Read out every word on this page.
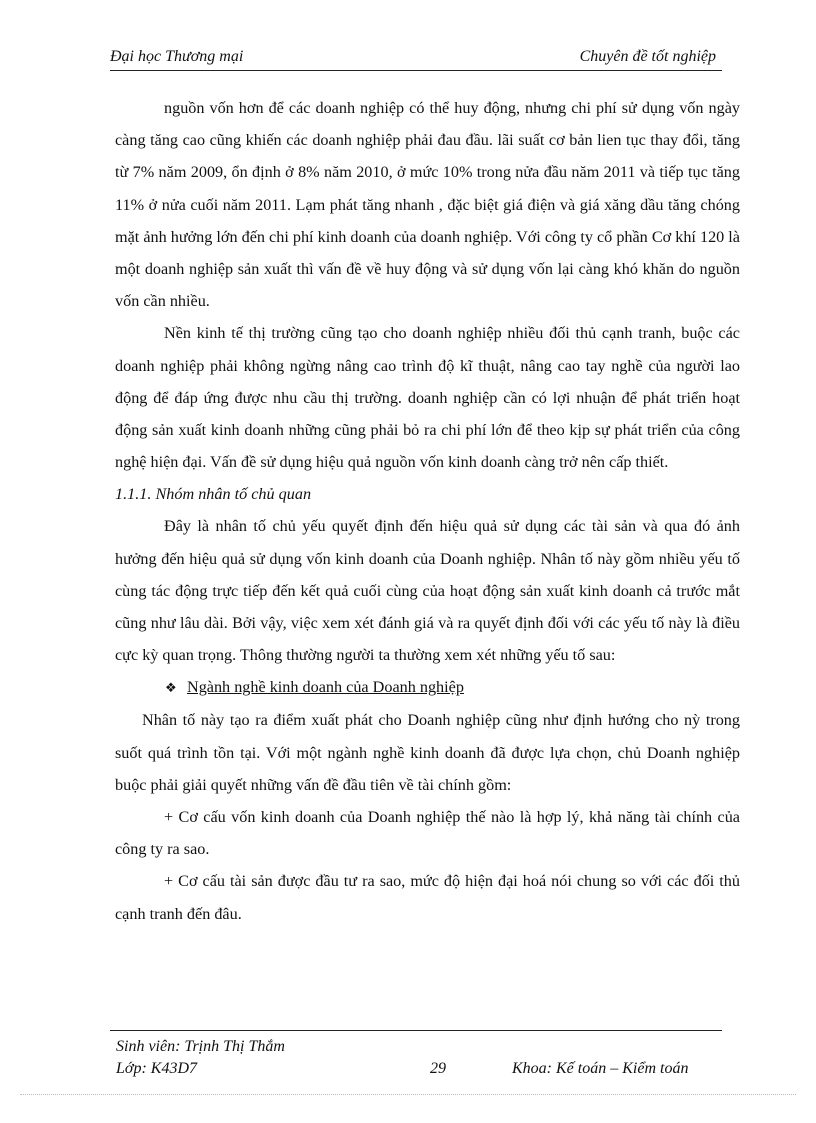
Đại học Thương mại	Chuyên đề tốt nghiệp

nguồn vốn hơn để các doanh nghiệp có thể huy động, nhưng chi phí sử dụng vốn ngày càng tăng cao cũng khiến các doanh nghiệp phải đau đầu. lãi suất cơ bản lien tục thay đổi, tăng từ 7% năm 2009, ổn định ở 8% năm 2010, ở mức 10% trong nửa đầu năm 2011 và tiếp tục tăng 11% ở nửa cuối năm 2011. Lạm phát tăng nhanh , đặc biệt giá điện và giá xăng dầu tăng chóng mặt ảnh hưởng lớn đến chi phí kinh doanh của doanh nghiệp. Với công ty cổ phần Cơ khí 120 là một doanh nghiệp sản xuất thì vấn đề về huy động và sử dụng vốn lại càng khó khăn do nguồn vốn cần nhiều.

Nền kinh tế thị trường cũng tạo cho doanh nghiệp nhiều đối thủ cạnh tranh, buộc các doanh nghiệp phải không ngừng nâng cao trình độ kĩ thuật, nâng cao tay nghề của người lao động để đáp ứng được nhu cầu thị trường. doanh nghiệp cần có lợi nhuận để phát triển hoạt động sản xuất kinh doanh những cũng phải bỏ ra chi phí lớn để theo kịp sự phát triển của công nghệ hiện đại. Vấn đề sử dụng hiệu quả nguồn vốn kinh doanh càng trở nên cấp thiết.

1.1.1. Nhóm nhân tố chủ quan

Đây là nhân tố chủ yếu quyết định đến hiệu quả sử dụng các tài sản và qua đó ảnh hưởng đến hiệu quả sử dụng vốn kinh doanh của Doanh nghiệp. Nhân tố này gồm nhiều yếu tố cùng tác động trực tiếp đến kết quả cuối cùng của hoạt động sản xuất kinh doanh cả trước mắt cũng như lâu dài. Bởi vậy, việc xem xét đánh giá và ra quyết định đối với các yếu tố này là điều cực kỳ quan trọng. Thông thường người ta thường xem xét những yếu tố sau:

❖ Ngành nghề kinh doanh của Doanh nghiệp

Nhân tố này tạo ra điểm xuất phát cho Doanh nghiệp cũng như định hướng cho nỳ trong suốt quá trình tồn tại. Với một ngành nghề kinh doanh đã được lựa chọn, chủ Doanh nghiệp buộc phải giải quyết những vấn đề đầu tiên về tài chính gồm:

+ Cơ cấu vốn kinh doanh của Doanh nghiệp thế nào là hợp lý, khả năng tài chính của công ty ra sao.

+ Cơ cấu tài sản được đầu tư ra sao, mức độ hiện đại hoá nói chung so với các đối thủ cạnh tranh đến đâu.

Sinh viên: Trịnh Thị Thắm
Lớp: K43D7	29	Khoa: Kế toán – Kiểm toán
